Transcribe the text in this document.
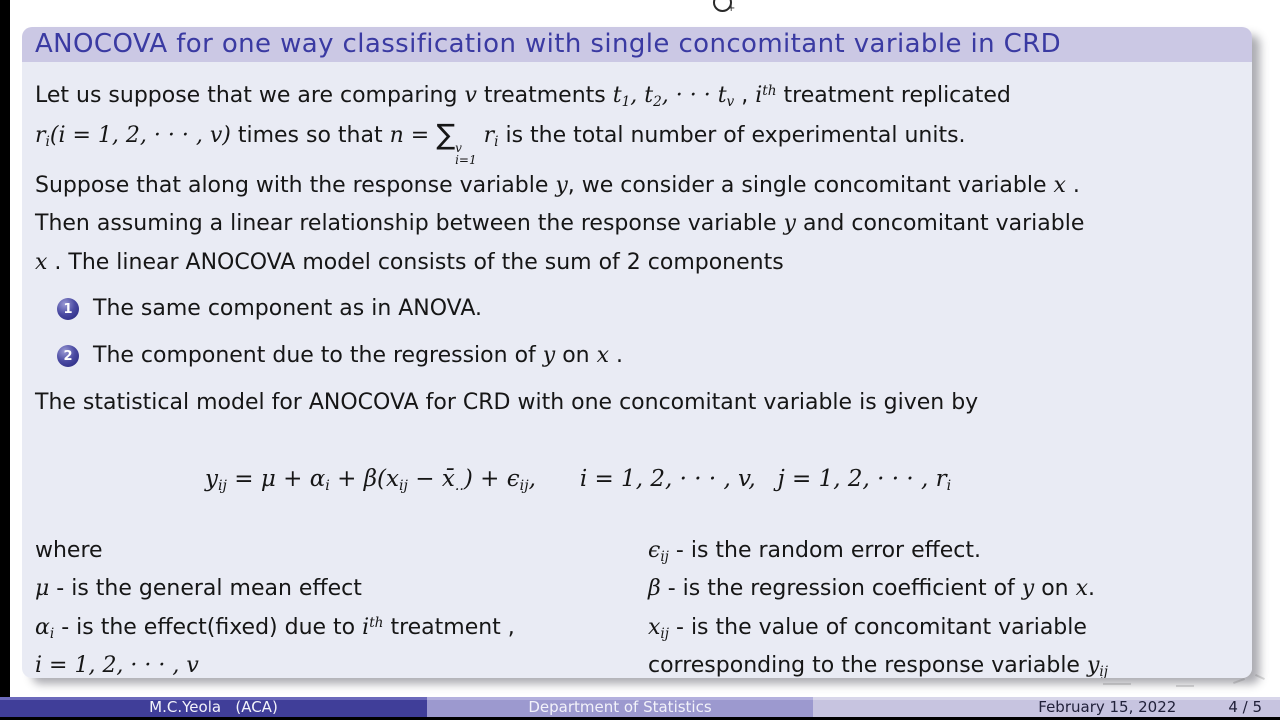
+
ANOCOVA for one way classification with single concomitant variable in CRD
Let us suppose that we are comparing v treatments $t_1$, $t_2$, · · · $t_v$ , $i^{th}$ treatment replicated
$r_i(i = 1$, 2, · · · , v) times so that n = ∑ v
i=1
$r_i$ is the total number of experimental units.
Suppose that along with the response variable y, we consider a single concomitant variable x .
Then assuming a linear relationship between the response variable y and concomitant variable
x . The linear ANOCOVA model consists of the sum of 2 components
1 The same component as in ANOVA.
2 The component due to the regression of y on x .
The statistical model for ANOCOVA for CRD with one concomitant variable is given by
$y_{ij} = \mu + \alpha_i + \beta(x_{ij}$ − $x̄_{..}) + \epsilon_{ij}$, i = 1, 2, · · · , v, j = 1, 2, · · · , $r_i$
where
μ - is the general mean effect
$\alpha_i$ - is the effect(fixed) due to $i^{th}$ treatment ,
i = 1, 2, · · · , v
$\epsilon_{ij}$ - is the random error effect.
β - is the regression coefficient of y on x.
$x_{ij}$ - is the value of concomitant variable
corresponding to the response variable $y_{ij}$
M.C.Yeola   (ACA)	Department of Statistics	February 15, 2022	4 / 5
